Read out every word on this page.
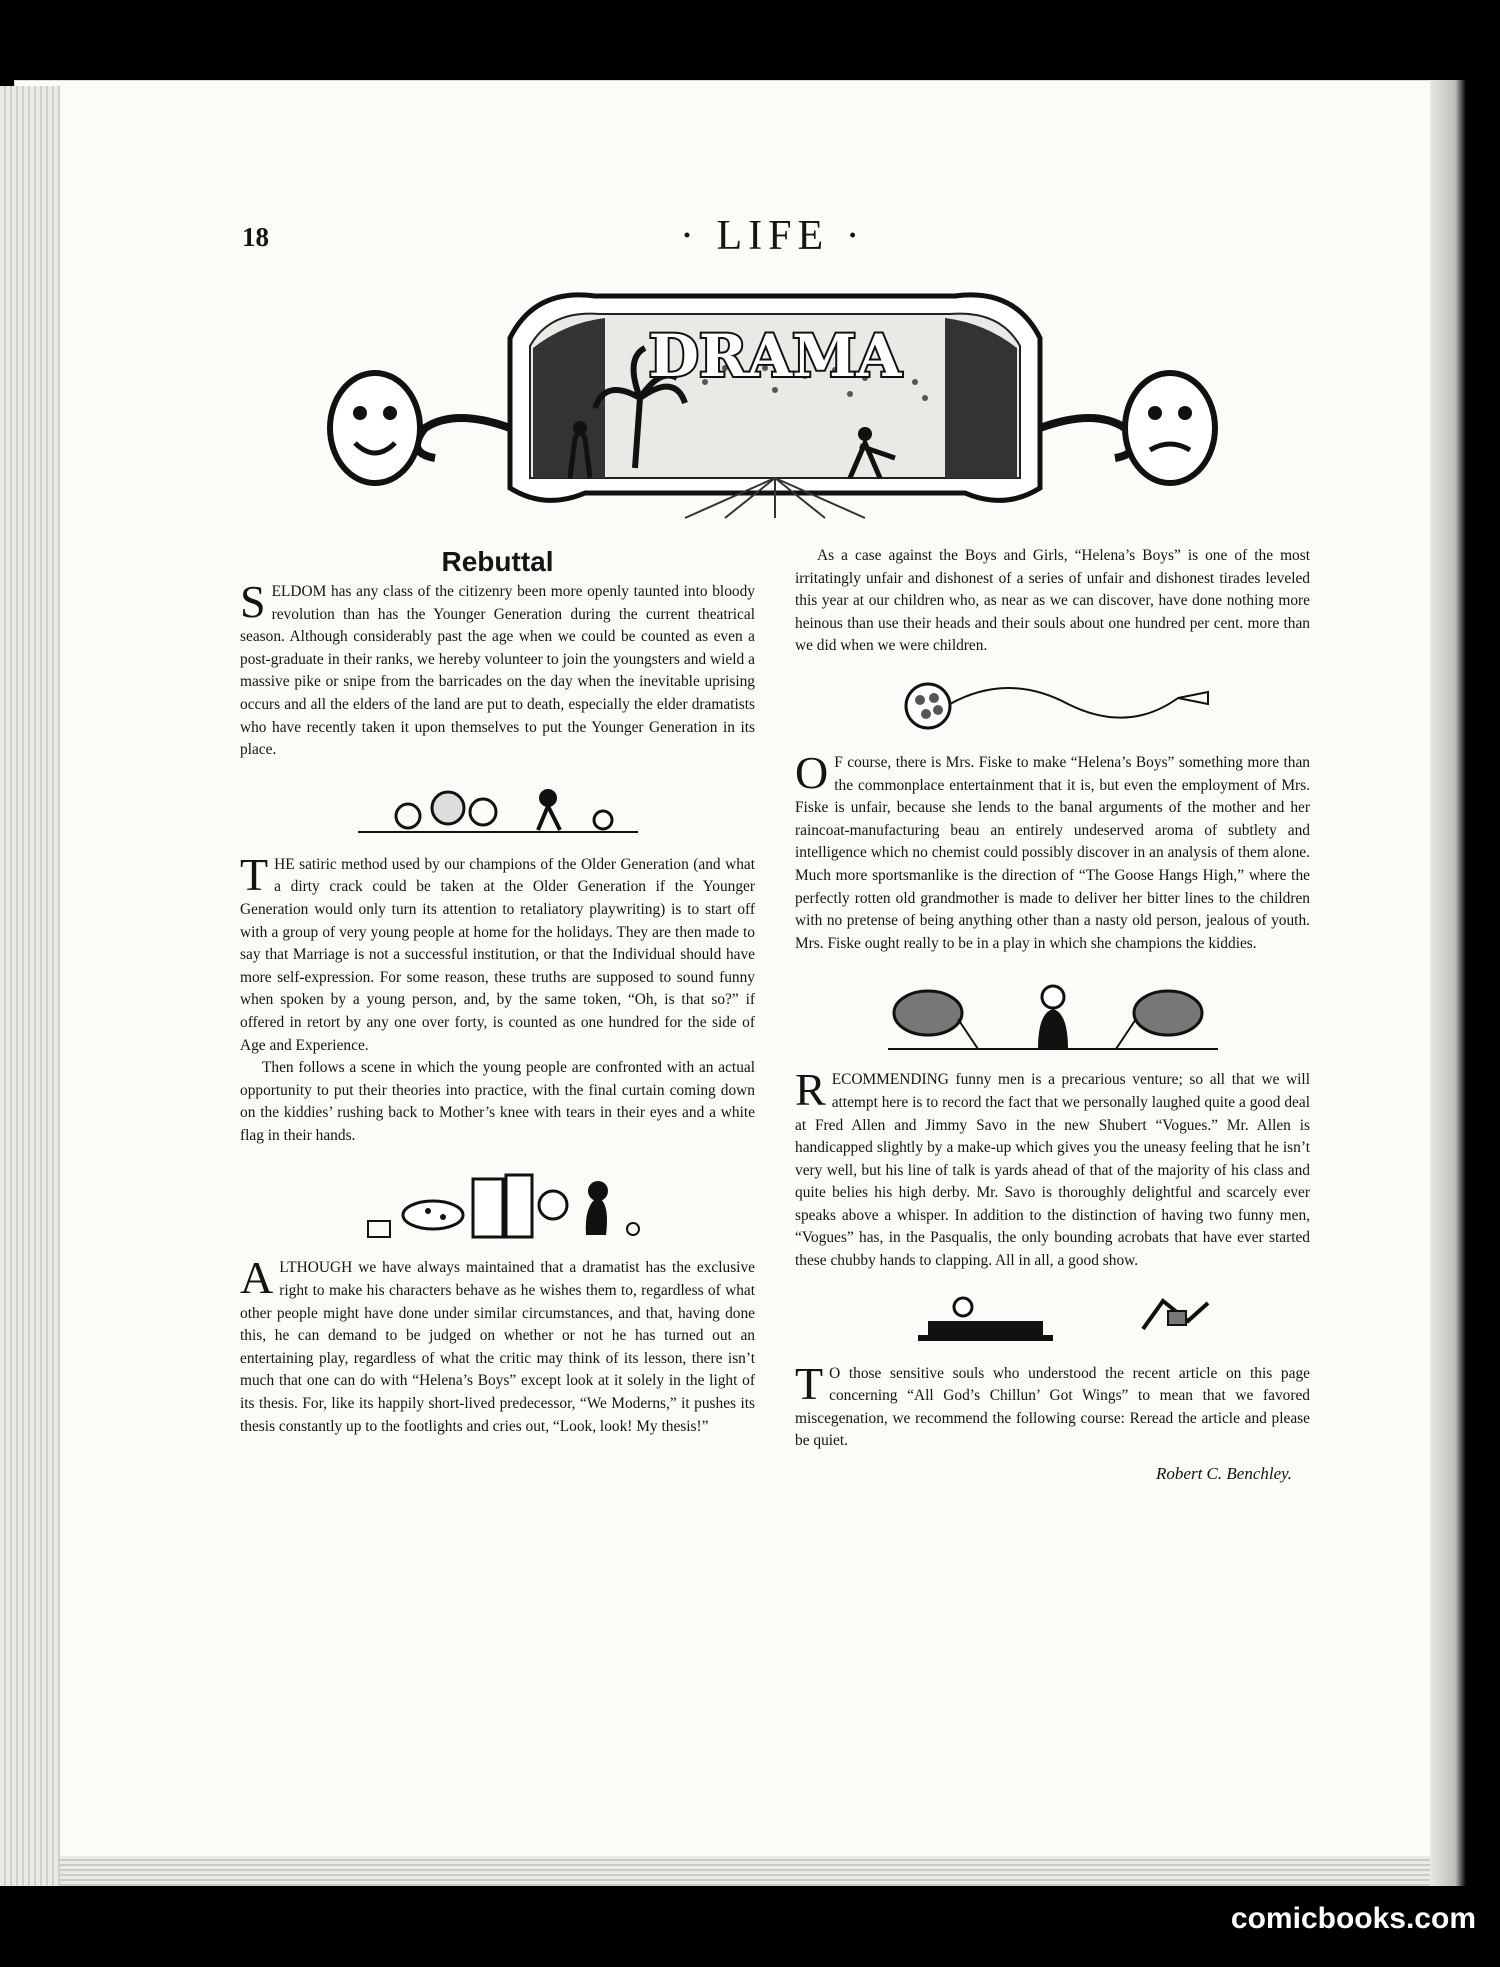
18	· LIFE ·
DRAMA
Rebuttal

SELDOM has any class of the citizenry been more openly taunted into bloody revolution than has the Younger Generation during the current theatrical season. Although considerably past the age when we could be counted as even a post-graduate in their ranks, we hereby volunteer to join the youngsters and wield a massive pike or snipe from the barricades on the day when the inevitable uprising occurs and all the elders of the land are put to death, especially the elder dramatists who have recently taken it upon themselves to put the Younger Generation in its place.

THE satiric method used by our champions of the Older Generation (and what a dirty crack could be taken at the Older Generation if the Younger Generation would only turn its attention to retaliatory playwriting) is to start off with a group of very young people at home for the holidays. They are then made to say that Marriage is not a successful institution, or that the Individual should have more self-expression. For some reason, these truths are supposed to sound funny when spoken by a young person, and, by the same token, “Oh, is that so?” if offered in retort by any one over forty, is counted as one hundred for the side of Age and Experience.

Then follows a scene in which the young people are confronted with an actual opportunity to put their theories into practice, with the final curtain coming down on the kiddies’ rushing back to Mother’s knee with tears in their eyes and a white flag in their hands.

ALTHOUGH we have always maintained that a dramatist has the exclusive right to make his characters behave as he wishes them to, regardless of what other people might have done under similar circumstances, and that, having done this, he can demand to be judged on whether or not he has turned out an entertaining play, regardless of what the critic may think of its lesson, there isn’t much that one can do with “Helena’s Boys” except look at it solely in the light of its thesis. For, like its happily short-lived predecessor, “We Moderns,” it pushes its thesis constantly up to the footlights and cries out, “Look, look! My thesis!”

As a case against the Boys and Girls, “Helena’s Boys” is one of the most irritatingly unfair and dishonest of a series of unfair and dishonest tirades leveled this year at our children who, as near as we can discover, have done nothing more heinous than use their heads and their souls about one hundred per cent. more than we did when we were children.

OF course, there is Mrs. Fiske to make “Helena’s Boys” something more than the commonplace entertainment that it is, but even the employment of Mrs. Fiske is unfair, because she lends to the banal arguments of the mother and her raincoat-manufacturing beau an entirely undeserved aroma of subtlety and intelligence which no chemist could possibly discover in an analysis of them alone. Much more sportsmanlike is the direction of “The Goose Hangs High,” where the perfectly rotten old grandmother is made to deliver her bitter lines to the children with no pretense of being anything other than a nasty old person, jealous of youth. Mrs. Fiske ought really to be in a play in which she champions the kiddies.

RECOMMENDING funny men is a precarious venture; so all that we will attempt here is to record the fact that we personally laughed quite a good deal at Fred Allen and Jimmy Savo in the new Shubert “Vogues.” Mr. Allen is handicapped slightly by a make-up which gives you the uneasy feeling that he isn’t very well, but his line of talk is yards ahead of that of the majority of his class and quite belies his high derby. Mr. Savo is thoroughly delightful and scarcely ever speaks above a whisper. In addition to the distinction of having two funny men, “Vogues” has, in the Pasqualis, the only bounding acrobats that have ever started these chubby hands to clapping. All in all, a good show.

TO those sensitive souls who understood the recent article on this page concerning “All God’s Chillun’ Got Wings” to mean that we favored miscegenation, we recommend the following course: Reread the article and please be quiet.

Robert C. Benchley.
comicbooks.com
